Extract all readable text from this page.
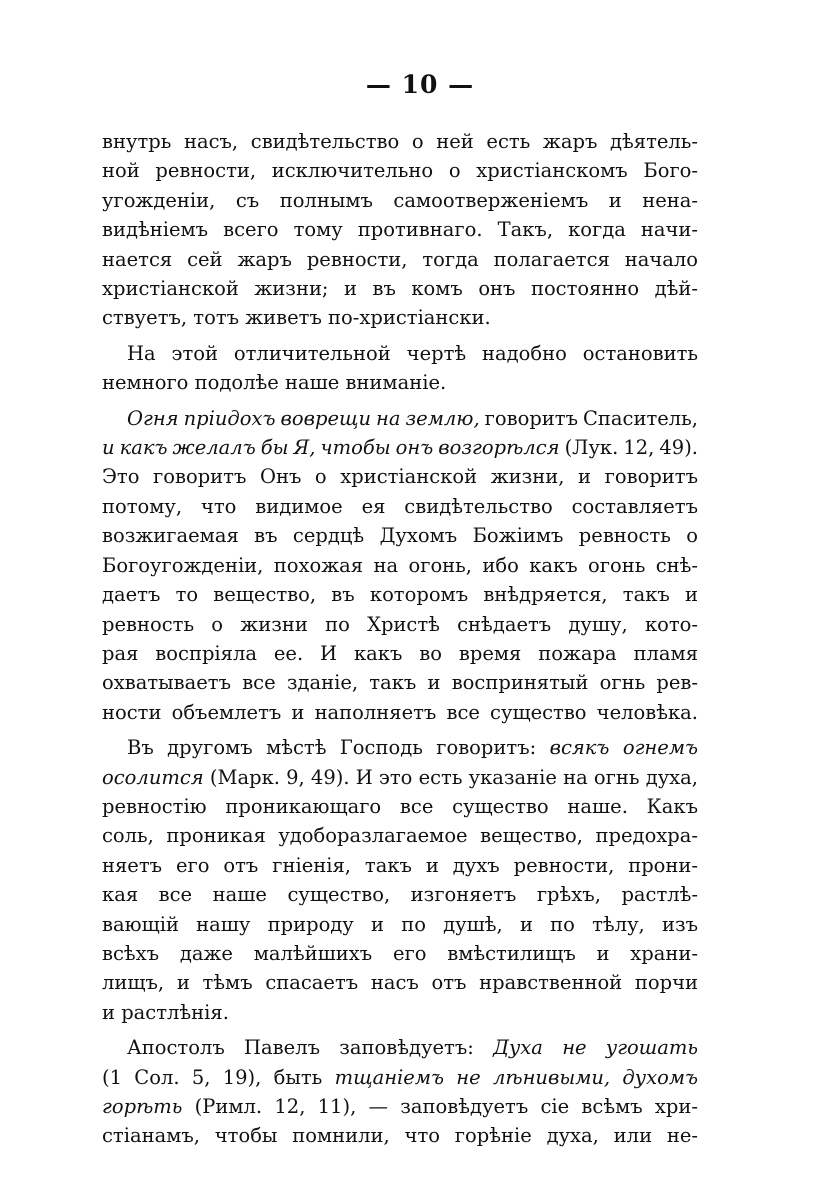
— 10 —

внутрь насъ, свидѣтельство о ней есть жаръ дѣятель-
ной ревности, исключительно о христіанскомъ Бого-
угожденіи, съ полнымъ самоотверженіемъ и нена-
видѣніемъ всего тому противнаго. Такъ, когда начи-
нается сей жаръ ревности, тогда полагается начало
христіанской жизни; и въ комъ онъ постоянно дѣй-
ствуетъ, тотъ живетъ по-христіански.

На этой отличительной чертѣ надобно остановить
немного подолѣе наше вниманіе.

Огня пріидохъ воврещи на землю, говоритъ Спаситель,
и какъ желалъ бы Я, чтобы онъ возгорѣлся (Лук. 12, 49).
Это говоритъ Онъ о христіанской жизни, и говоритъ
потому, что видимое ея свидѣтельство составляетъ
возжигаемая въ сердцѣ Духомъ Божіимъ ревность о
Богоугожденіи, похожая на огонь, ибо какъ огонь снѣ-
даетъ то вещество, въ которомъ внѣдряется, такъ и
ревность о жизни по Христѣ снѣдаетъ душу, кото-
рая воспріяла ее. И какъ во время пожара пламя
охватываетъ все зданіе, такъ и воспринятый огнь рев-
ности объемлетъ и наполняетъ все существо человѣка.

Въ другомъ мѣстѣ Господь говоритъ: всякъ огнемъ
осолится (Марк. 9, 49). И это есть указаніе на огнь духа,
ревностію проникающаго все существо наше. Какъ
соль, проникая удоборазлагаемое вещество, предохра-
няетъ его отъ гніенія, такъ и духъ ревности, прони-
кая все наше существо, изгоняетъ грѣхъ, растлѣ-
вающій нашу природу и по душѣ, и по тѣлу, изъ
всѣхъ даже малѣйшихъ его вмѣстилищъ и храни-
лищъ, и тѣмъ спасаетъ насъ отъ нравственной порчи
и растлѣнія.

Апостолъ Павелъ заповѣдуетъ: Духа не угошать
(1 Сол. 5, 19), быть тщаніемъ не лѣнивыми, духомъ
горѣть (Римл. 12, 11), — заповѣдуетъ сіе всѣмъ хри-
стіанамъ, чтобы помнили, что горѣніе духа, или не-
